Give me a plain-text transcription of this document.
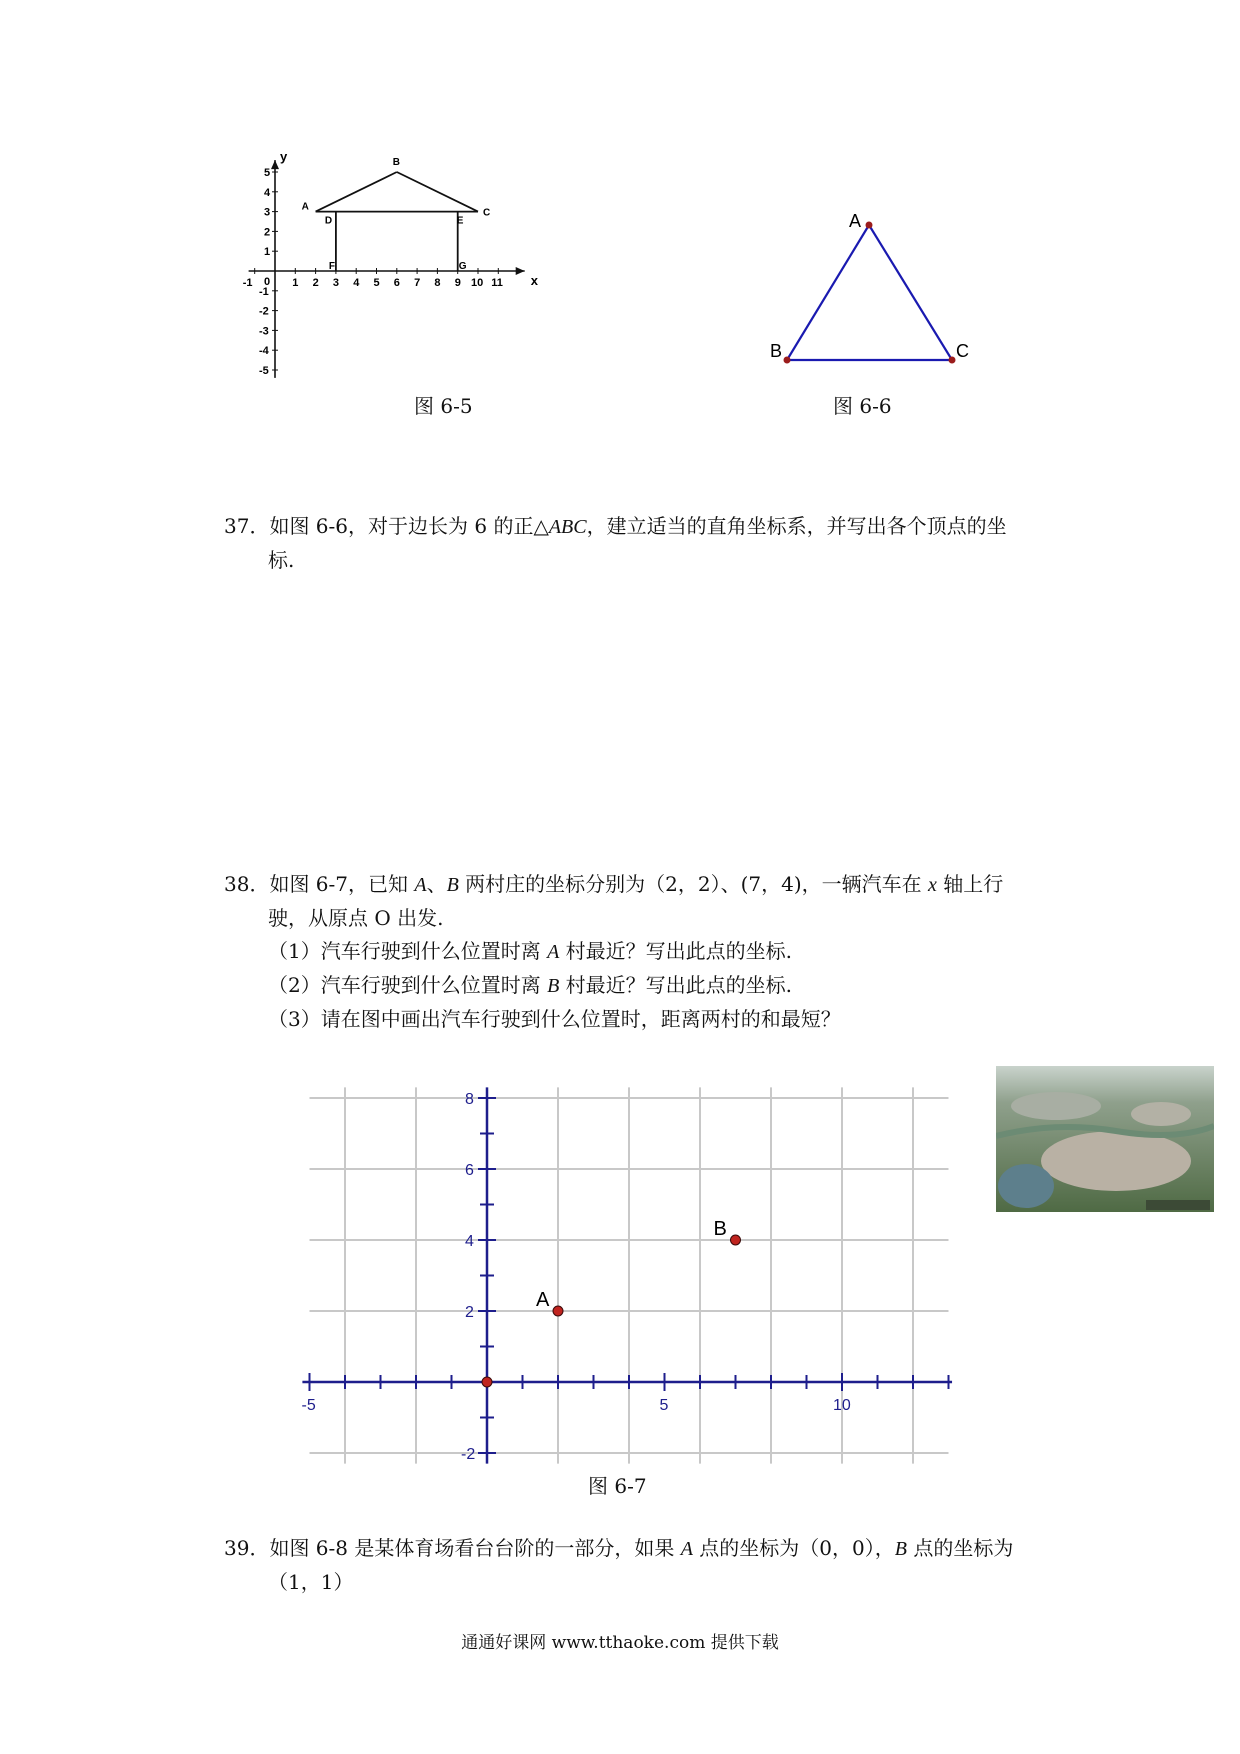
x
y
0
-1	1 2 3 4 5 6 7 8 9 10 11
5
4
3
2
1
-1
-2
-3
-4
-5
A
B
C
D	E
F	G
图 6-5
A
B	C
图 6-6
37．如图 6-6，对于边长为 6 的正△ABC，建立适当的直角坐标系，并写出各个顶点的坐
标.
38．如图 6-7，已知 A、B 两村庄的坐标分别为（2，2）、(7，4)，一辆汽车在 x 轴上行
驶，从原点 O 出发.
（1）汽车行驶到什么位置时离 A 村最近？写出此点的坐标.
（2）汽车行驶到什么位置时离 B 村最近？写出此点的坐标.
（3）请在图中画出汽车行驶到什么位置时，距离两村的和最短？
-5	5	10
8
6
4
2
-2
A
B
图 6-7
39．如图 6-8 是某体育场看台台阶的一部分，如果 A 点的坐标为（0，0），B 点的坐标为
（1，1）
通通好课网 www.tthaoke.com 提供下载
